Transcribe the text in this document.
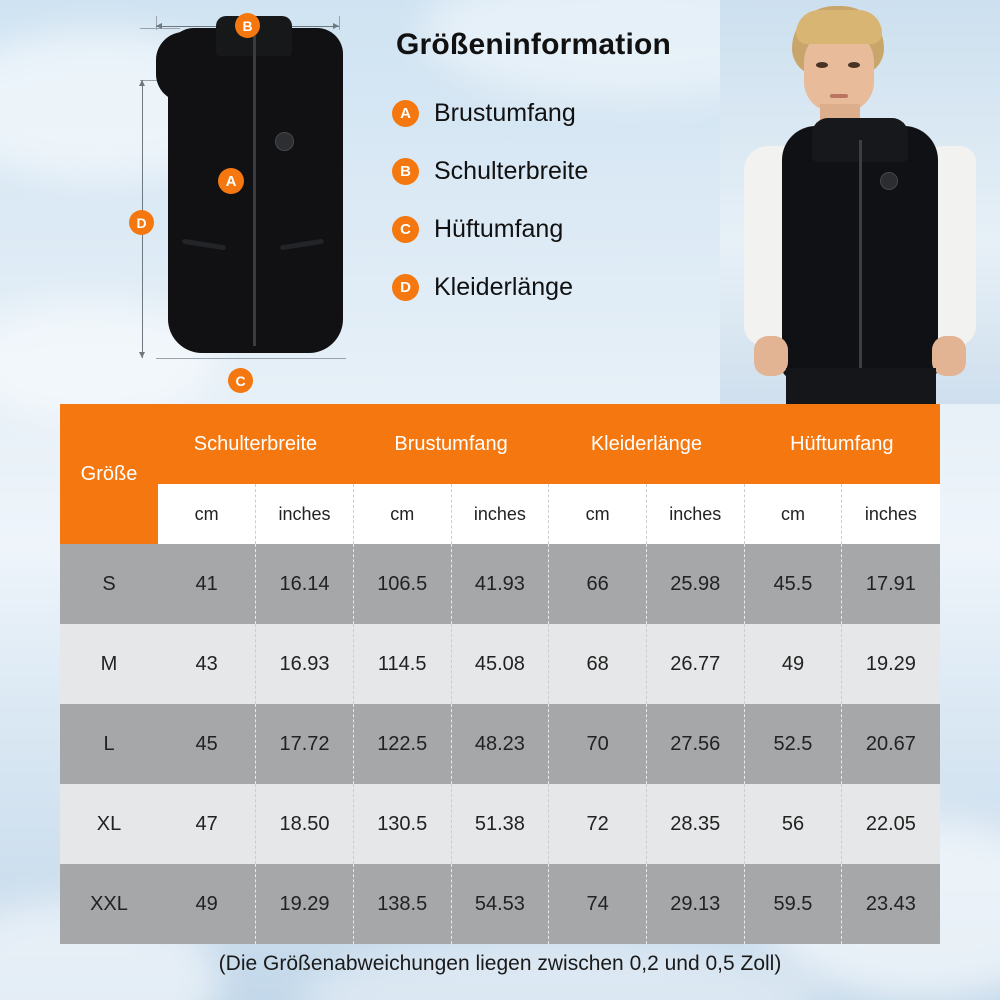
B
A
D
C
Größeninformation
A Brustumfang
B Schulterbreite
C Hüftumfang
D Kleiderlänge
Größe	Schulterbreite		Brustumfang		Kleiderlänge		Hüftumfang	
	cm	inches	cm	inches	cm	inches	cm	inches
S	41	16.14	106.5	41.93	66	25.98	45.5	17.91
M	43	16.93	114.5	45.08	68	26.77	49	19.29
L	45	17.72	122.5	48.23	70	27.56	52.5	20.67
XL	47	18.50	130.5	51.38	72	28.35	56	22.05
XXL	49	19.29	138.5	54.53	74	29.13	59.5	23.43
(Die Größenabweichungen liegen zwischen 0,2 und 0,5 Zoll)
